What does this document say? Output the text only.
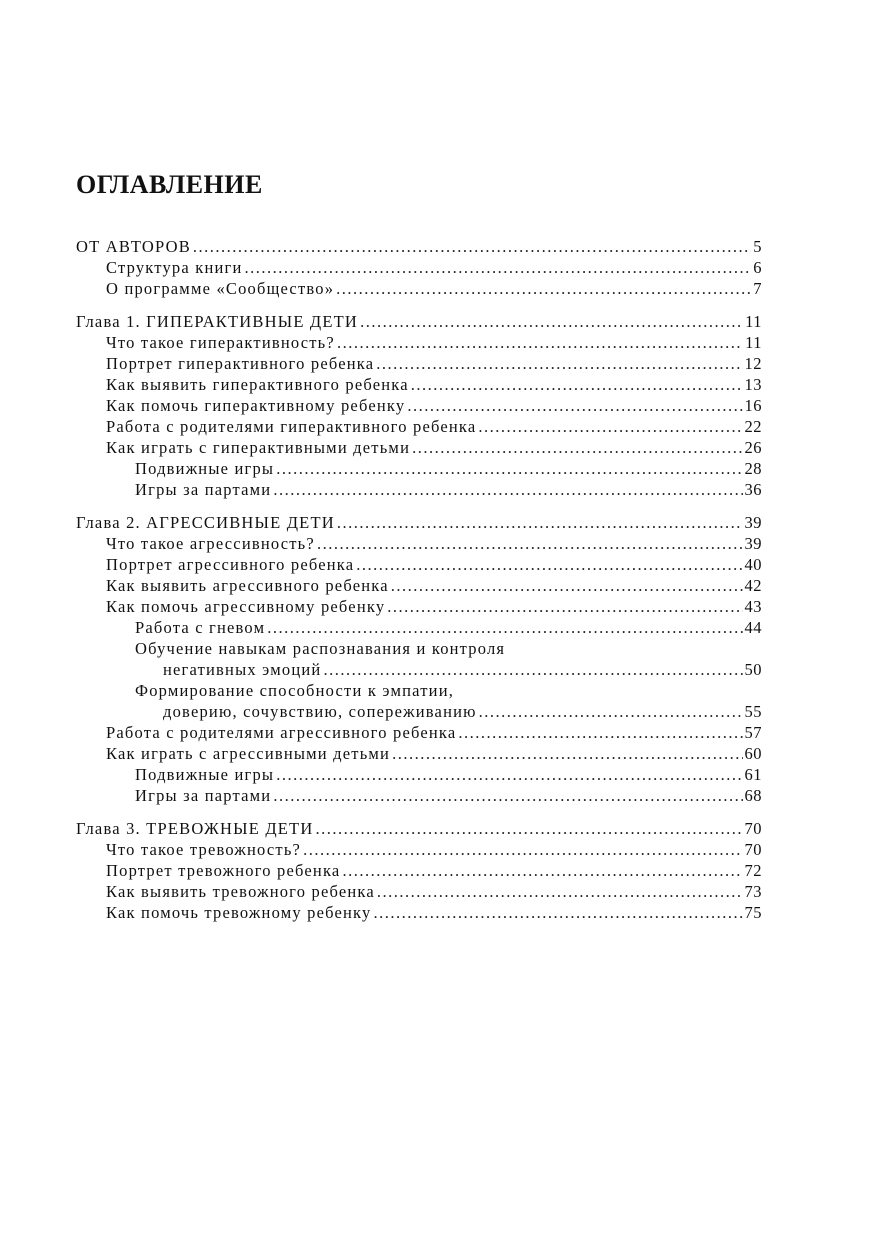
ОГЛАВЛЕНИЕ
ОТ АВТОРОВ .....	5
Структура книги .....	6
О программе «Сообщество» .....	7
Глава 1. ГИПЕРАКТИВНЫЕ ДЕТИ .....	11
Что такое гиперактивность? .....	11
Портрет гиперактивного ребенка .....	12
Как выявить гиперактивного ребенка .....	13
Как помочь гиперактивному ребенку .....	16
Работа с родителями гиперактивного ребенка .....	22
Как играть с гиперактивными детьми .....	26
Подвижные игры .....	28
Игры за партами .....	36
Глава 2. АГРЕССИВНЫЕ ДЕТИ .....	39
Что такое агрессивность? .....	39
Портрет агрессивного ребенка .....	40
Как выявить агрессивного ребенка .....	42
Как помочь агрессивному ребенку .....	43
Работа с гневом .....	44
Обучение навыкам распознавания и контроля
негативных эмоций .....	50
Формирование способности к эмпатии,
доверию, сочувствию, сопереживанию .....	55
Работа с родителями агрессивного ребенка .....	57
Как играть с агрессивными детьми .....	60
Подвижные игры .....	61
Игры за партами .....	68
Глава 3. ТРЕВОЖНЫЕ ДЕТИ .....	70
Что такое тревожность? .....	70
Портрет тревожного ребенка .....	72
Как выявить тревожного ребенка .....	73
Как помочь тревожному ребенку .....	75
